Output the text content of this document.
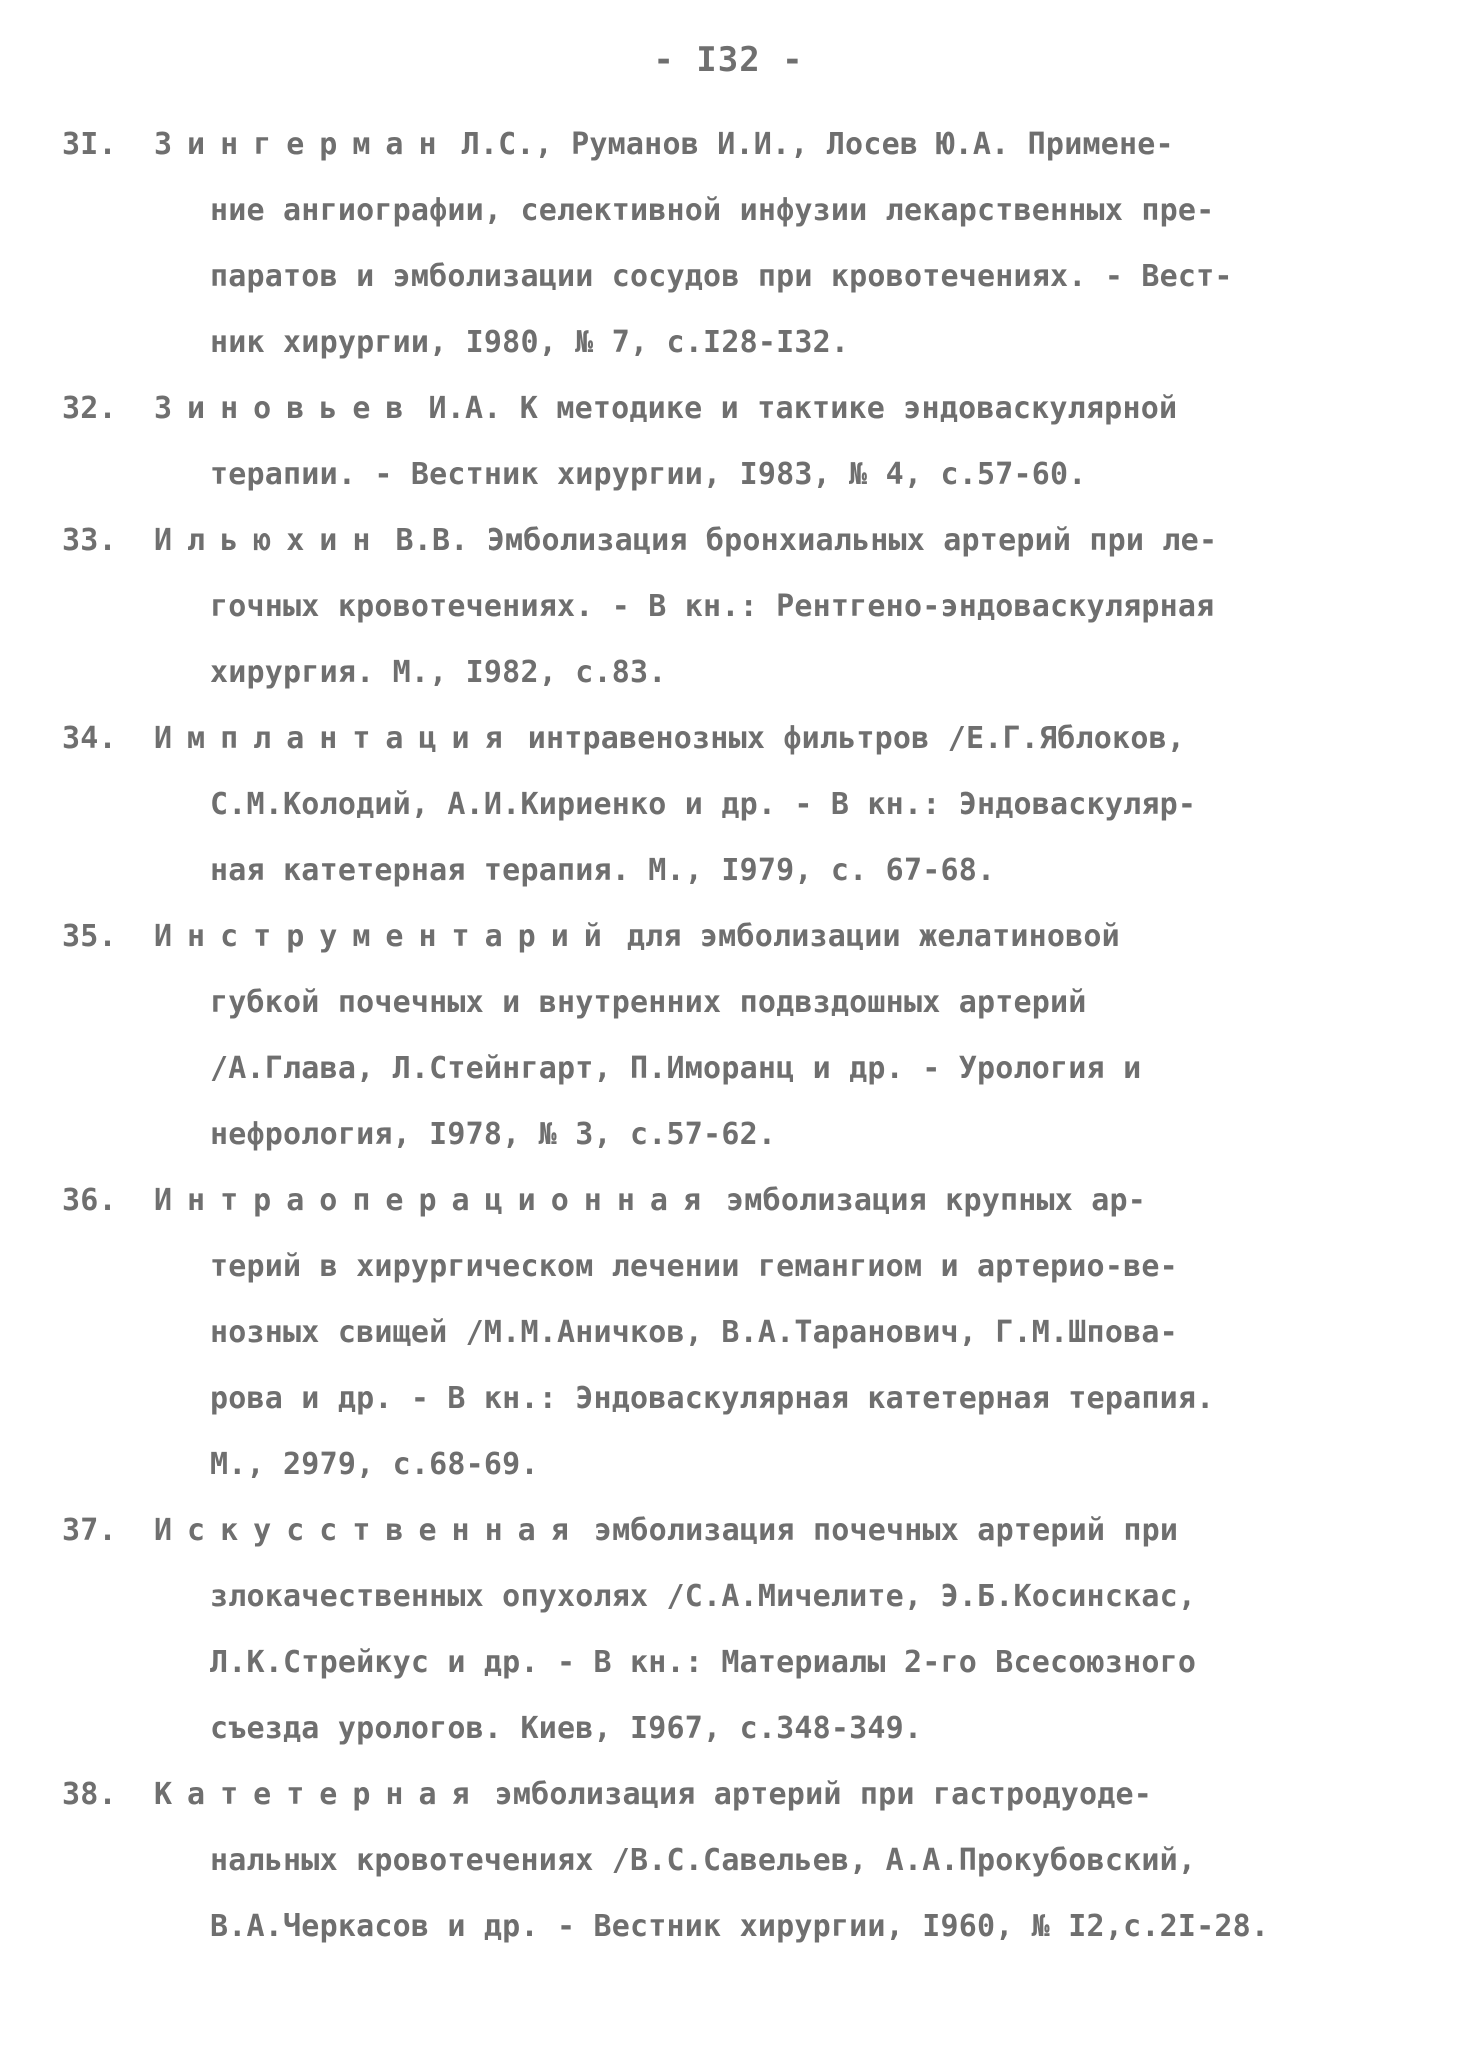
- I32 -
3I. Зингерман Л.С., Руманов И.И., Лосев Ю.А. Примене-
ние ангиографии, селективной инфузии лекарственных пре-
паратов и эмболизации сосудов при кровотечениях. - Вест-
ник хирургии, I980, № 7, с.I28-I32.
32. Зиновьев И.А. К методике и тактике эндоваскулярной
терапии. - Вестник хирургии, I983, № 4, с.57-60.
33. Ильюхин В.В. Эмболизация бронхиальных артерий при ле-
гочных кровотечениях. - В кн.: Рентгено-эндоваскулярная
хирургия. М., I982, с.83.
34. Имплантация интравенозных фильтров /Е.Г.Яблоков,
С.М.Колодий, А.И.Кириенко и др. - В кн.: Эндоваскуляр-
ная катетерная терапия. М., I979, с. 67-68.
35. Инструментарий для эмболизации желатиновой
губкой почечных и внутренних подвздошных артерий
/А.Глава, Л.Стейнгарт, П.Иморанц и др. - Урология и
нефрология, I978, № 3, с.57-62.
36. Интраоперационная эмболизация крупных ар-
терий в хирургическом лечении гемангиом и артерио-ве-
нозных свищей /М.М.Аничков, В.А.Таранович, Г.М.Шпова-
рова и др. - В кн.: Эндоваскулярная катетерная терапия.
М., 2979, с.68-69.
37. Искусственная эмболизация почечных артерий при
злокачественных опухолях /С.А.Мичелите, Э.Б.Косинскас,
Л.К.Стрейкус и др. - В кн.: Материалы 2-го Всесоюзного
съезда урологов. Киев, I967, с.348-349.
38. Катетерная эмболизация артерий при гастродуоде-
нальных кровотечениях /В.С.Савельев, А.А.Прокубовский,
В.А.Черкасов и др. - Вестник хирургии, I960, № I2,с.2I-28.
